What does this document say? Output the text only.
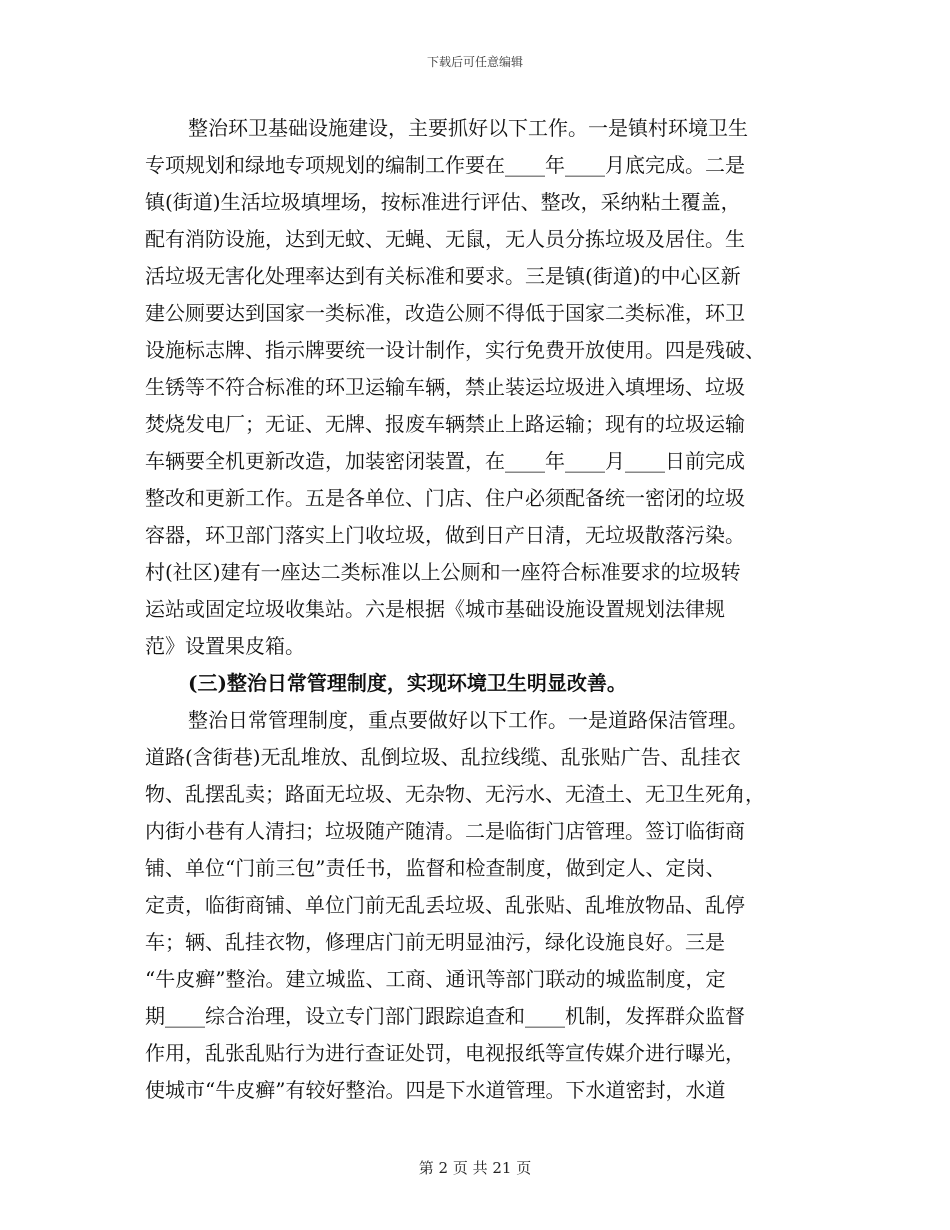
下载后可任意编辑
整治环卫基础设施建设，主要抓好以下工作。一是镇村环境卫生
专项规划和绿地专项规划的编制工作要在____年____月底完成。二是
镇(街道)生活垃圾填埋场，按标准进行评估、整改，采纳粘土覆盖，
配有消防设施，达到无蚊、无蝇、无鼠，无人员分拣垃圾及居住。生
活垃圾无害化处理率达到有关标准和要求。三是镇(街道)的中心区新
建公厕要达到国家一类标准，改造公厕不得低于国家二类标准，环卫
设施标志牌、指示牌要统一设计制作，实行免费开放使用。四是残破、
生锈等不符合标准的环卫运输车辆，禁止装运垃圾进入填埋场、垃圾
焚烧发电厂；无证、无牌、报废车辆禁止上路运输；现有的垃圾运输
车辆要全机更新改造，加装密闭装置，在____年____月____日前完成
整改和更新工作。五是各单位、门店、住户必须配备统一密闭的垃圾
容器，环卫部门落实上门收垃圾，做到日产日清，无垃圾散落污染。
村(社区)建有一座达二类标准以上公厕和一座符合标准要求的垃圾转
运站或固定垃圾收集站。六是根据《城市基础设施设置规划法律规
范》设置果皮箱。
(三)整治日常管理制度，实现环境卫生明显改善。
整治日常管理制度，重点要做好以下工作。一是道路保洁管理。
道路(含街巷)无乱堆放、乱倒垃圾、乱拉线缆、乱张贴广告、乱挂衣
物、乱摆乱卖；路面无垃圾、无杂物、无污水、无渣土、无卫生死角，
内街小巷有人清扫；垃圾随产随清。二是临街门店管理。签订临街商
铺、单位“门前三包”责任书，监督和检查制度，做到定人、定岗、
定责，临街商铺、单位门前无乱丢垃圾、乱张贴、乱堆放物品、乱停
车；辆、乱挂衣物，修理店门前无明显油污，绿化设施良好。三是
“牛皮癣”整治。建立城监、工商、通讯等部门联动的城监制度，定
期____综合治理，设立专门部门跟踪追查和____机制，发挥群众监督
作用，乱张乱贴行为进行查证处罚，电视报纸等宣传媒介进行曝光，
使城市“牛皮癣”有较好整治。四是下水道管理。下水道密封，水道
第 2 页 共 21 页
